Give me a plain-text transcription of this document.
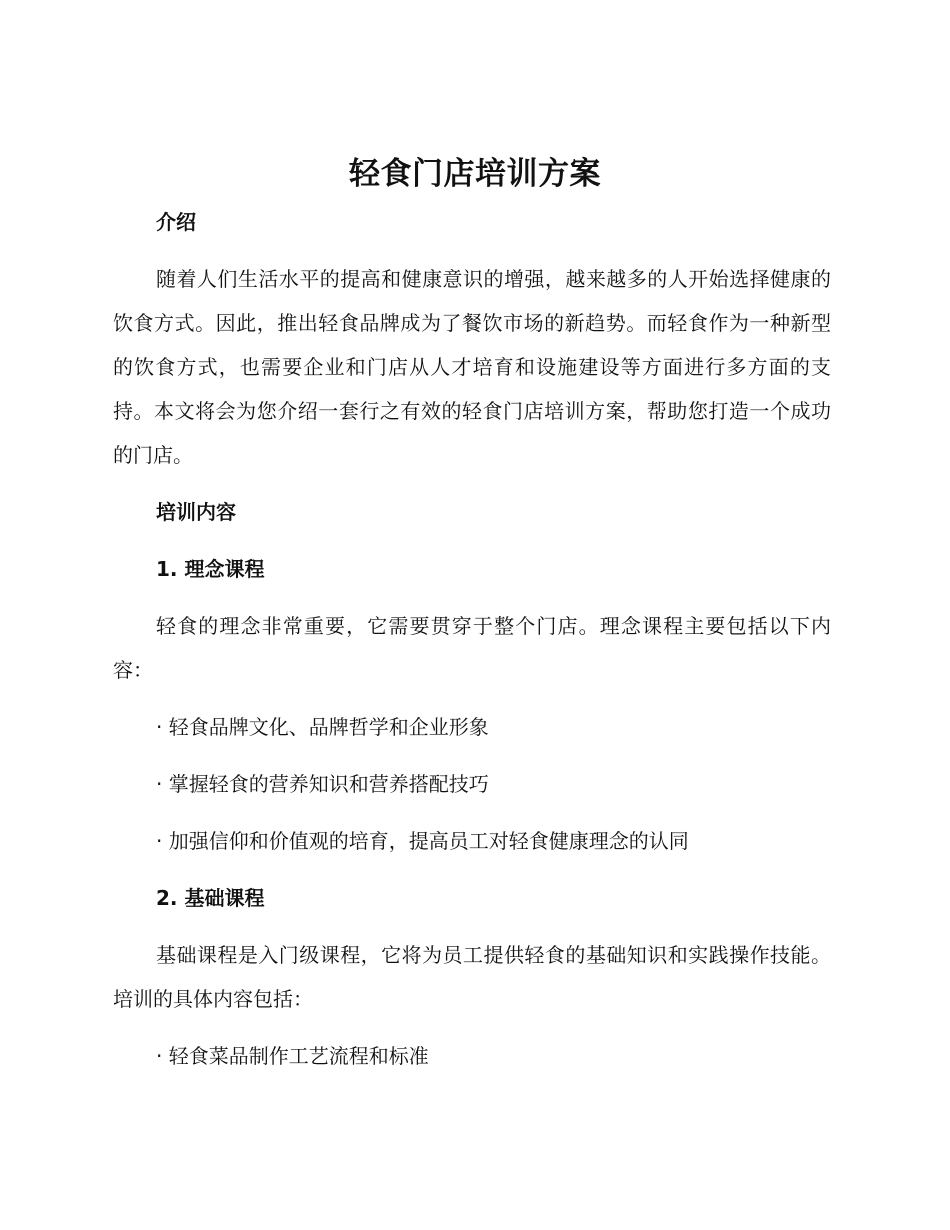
轻食门店培训方案
介绍
随着人们生活水平的提高和健康意识的增强，越来越多的人开始选择健康的饮食方式。因此，推出轻食品牌成为了餐饮市场的新趋势。而轻食作为一种新型的饮食方式，也需要企业和门店从人才培育和设施建设等方面进行多方面的支持。本文将会为您介绍一套行之有效的轻食门店培训方案，帮助您打造一个成功的门店。
培训内容
1. 理念课程
轻食的理念非常重要，它需要贯穿于整个门店。理念课程主要包括以下内容：
· 轻食品牌文化、品牌哲学和企业形象
· 掌握轻食的营养知识和营养搭配技巧
· 加强信仰和价值观的培育，提高员工对轻食健康理念的认同
2. 基础课程
基础课程是入门级课程，它将为员工提供轻食的基础知识和实践操作技能。培训的具体内容包括：
· 轻食菜品制作工艺流程和标准
